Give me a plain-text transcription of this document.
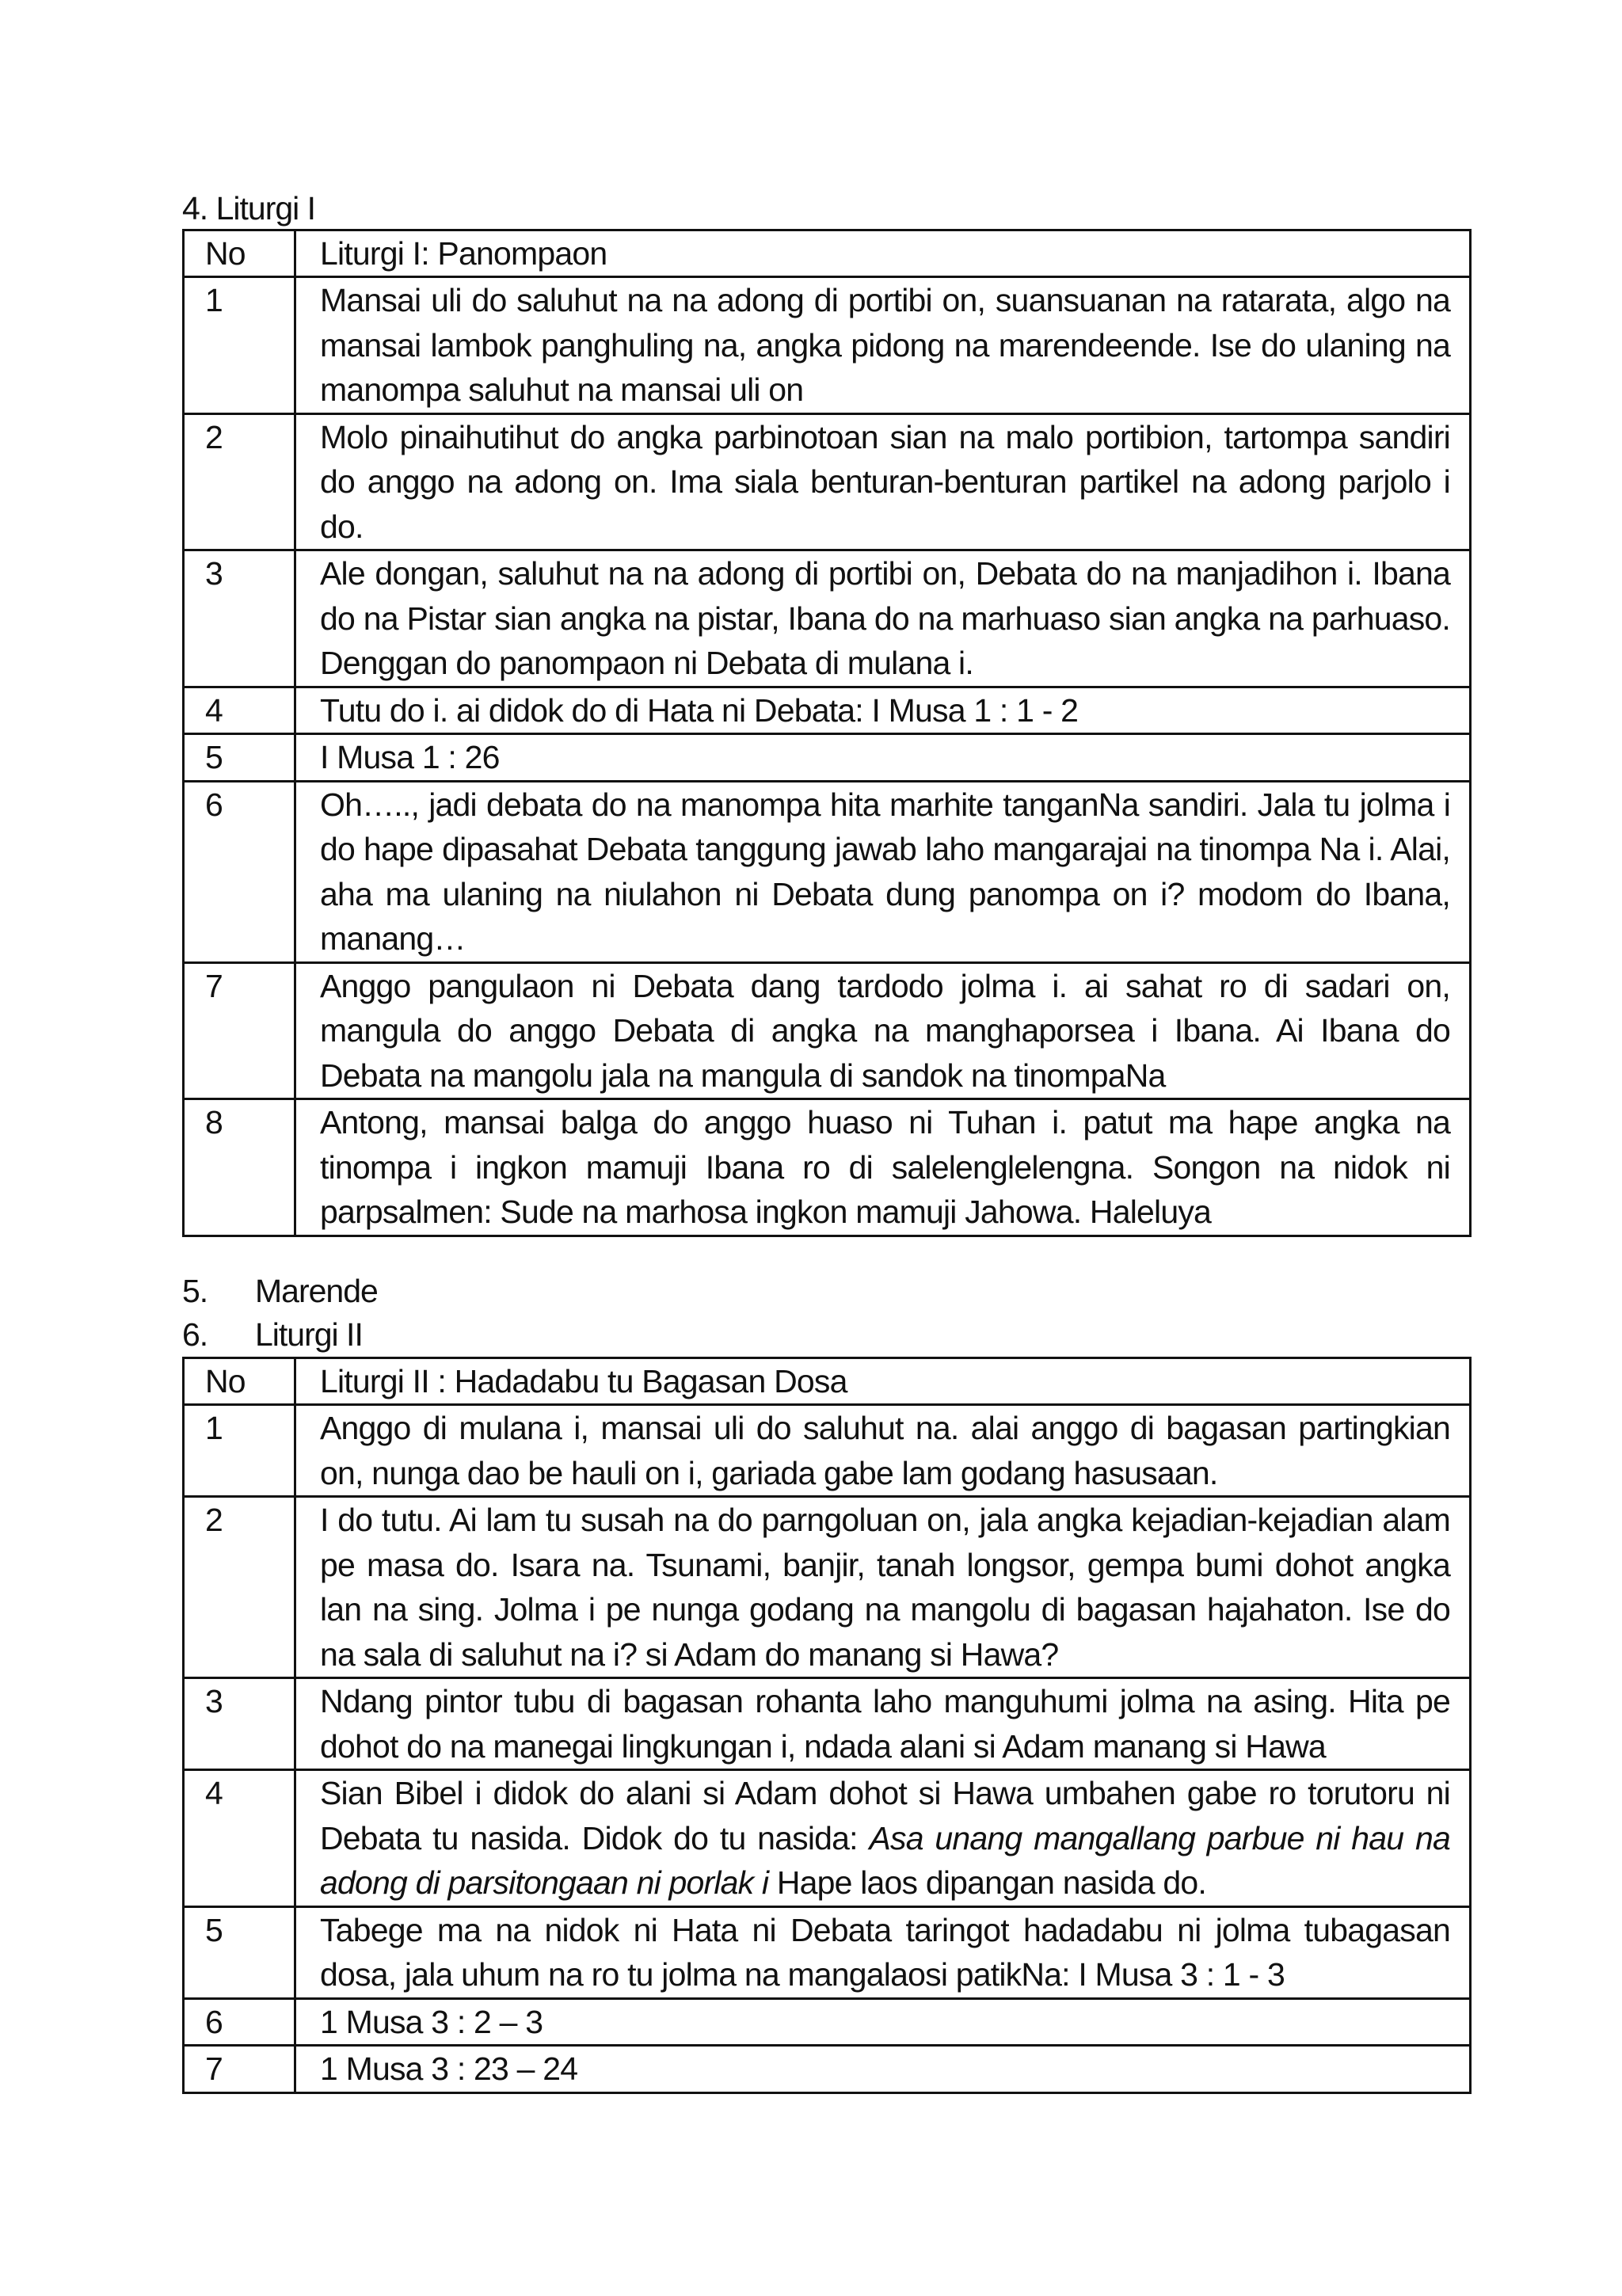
4. Liturgi I
No	Liturgi I: Panompaon
1	Mansai uli do saluhut na na adong di portibi on, suansuanan na ratarata, algo na mansai lambok panghuling na, angka pidong na marendeende. Ise do ulaning na manompa saluhut na mansai uli on
2	Molo pinaihutihut do angka parbinotoan sian na malo portibion, tartompa sandiri do anggo na adong on. Ima siala benturan-benturan partikel na adong parjolo i do.
3	Ale dongan, saluhut na na adong di portibi on, Debata do na manjadihon i. Ibana do na Pistar sian angka na pistar, Ibana do na marhuaso sian angka na parhuaso. Denggan do panompaon ni Debata di mulana i.
4	Tutu do i. ai didok do di Hata ni Debata: I Musa 1 : 1 - 2
5	I Musa 1 : 26
6	Oh….., jadi debata do na manompa hita marhite tanganNa sandiri. Jala tu jolma i do hape dipasahat Debata tanggung jawab laho mangarajai na tinompa Na i. Alai, aha ma ulaning na niulahon ni Debata dung panompa on i? modom do Ibana, manang…
7	Anggo pangulaon ni Debata dang tardodo jolma i. ai sahat ro di sadari on, mangula do anggo Debata di angka na manghaporsea i Ibana. Ai Ibana do Debata na mangolu jala na mangula di sandok na tinompaNa
8	Antong, mansai balga do anggo huaso ni Tuhan i. patut ma hape angka na tinompa i ingkon mamuji Ibana ro di salelenglelengna. Songon na nidok ni parpsalmen: Sude na marhosa ingkon mamuji Jahowa. Haleluya
5. Marende
6. Liturgi II
No	Liturgi II : Hadadabu tu Bagasan Dosa
1	Anggo di mulana i, mansai uli do saluhut na. alai anggo di bagasan partingkian on, nunga dao be hauli on i, gariada gabe lam godang hasusaan.
2	I do tutu. Ai lam tu susah na do parngoluan on, jala angka kejadian-kejadian alam pe masa do. Isara na. Tsunami, banjir, tanah longsor, gempa bumi dohot angka lan na sing. Jolma i pe nunga godang na mangolu di bagasan hajahaton. Ise do na sala di saluhut na i? si Adam do manang si Hawa?
3	Ndang pintor tubu di bagasan rohanta laho manguhumi jolma na asing. Hita pe dohot do na manegai lingkungan i, ndada alani si Adam manang si Hawa
4	Sian Bibel i didok do alani si Adam dohot si Hawa umbahen gabe ro torutoru ni Debata tu nasida. Didok do tu nasida: Asa unang mangallang parbue ni hau na adong di parsitongaan ni porlak i Hape laos dipangan nasida do.
5	Tabege ma na nidok ni Hata ni Debata taringot hadadabu ni jolma tubagasan dosa, jala uhum na ro tu jolma na mangalaosi patikNa: I Musa 3 : 1 - 3
6	1 Musa 3 : 2 – 3
7	1 Musa 3 : 23 – 24
